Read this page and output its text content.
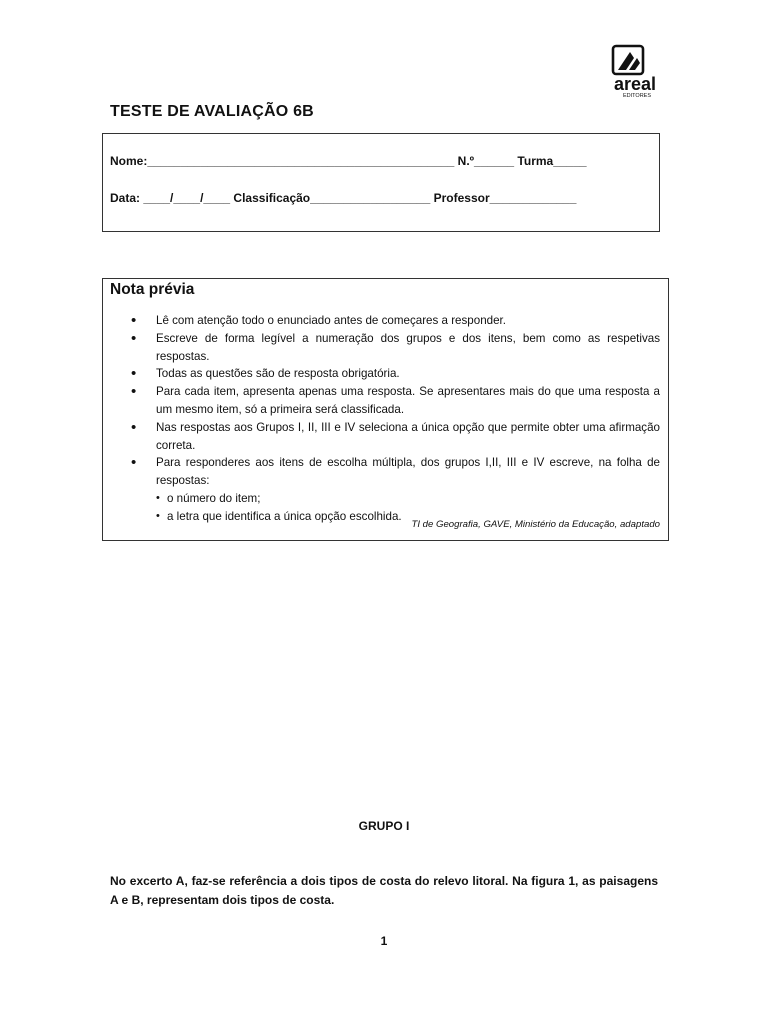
areal
EDITORES
TESTE DE AVALIAÇÃO 6B
Nome:______________________________________________ N.º______ Turma_____
Data: ____/____/____ Classificação__________________ Professor_____________
Nota prévia
• Lê com atenção todo o enunciado antes de começares a responder.
• Escreve de forma legível a numeração dos grupos e dos itens, bem como as respetivas respostas.
• Todas as questões são de resposta obrigatória.
• Para cada item, apresenta apenas uma resposta. Se apresentares mais do que uma resposta a um mesmo item, só a primeira será classificada.
• Nas respostas aos Grupos I, II, III e IV seleciona a única opção que permite obter uma afirmação correta.
• Para responderes aos itens de escolha múltipla, dos grupos I,II, III e IV escreve, na folha de respostas:
• o número do item;
• a letra que identifica a única opção escolhida.
TI de Geografia, GAVE, Ministério da Educação, adaptado
GRUPO I
No excerto A, faz-se referência a dois tipos de costa do relevo litoral. Na figura 1, as paisagens A e B, representam dois tipos de costa.
1
